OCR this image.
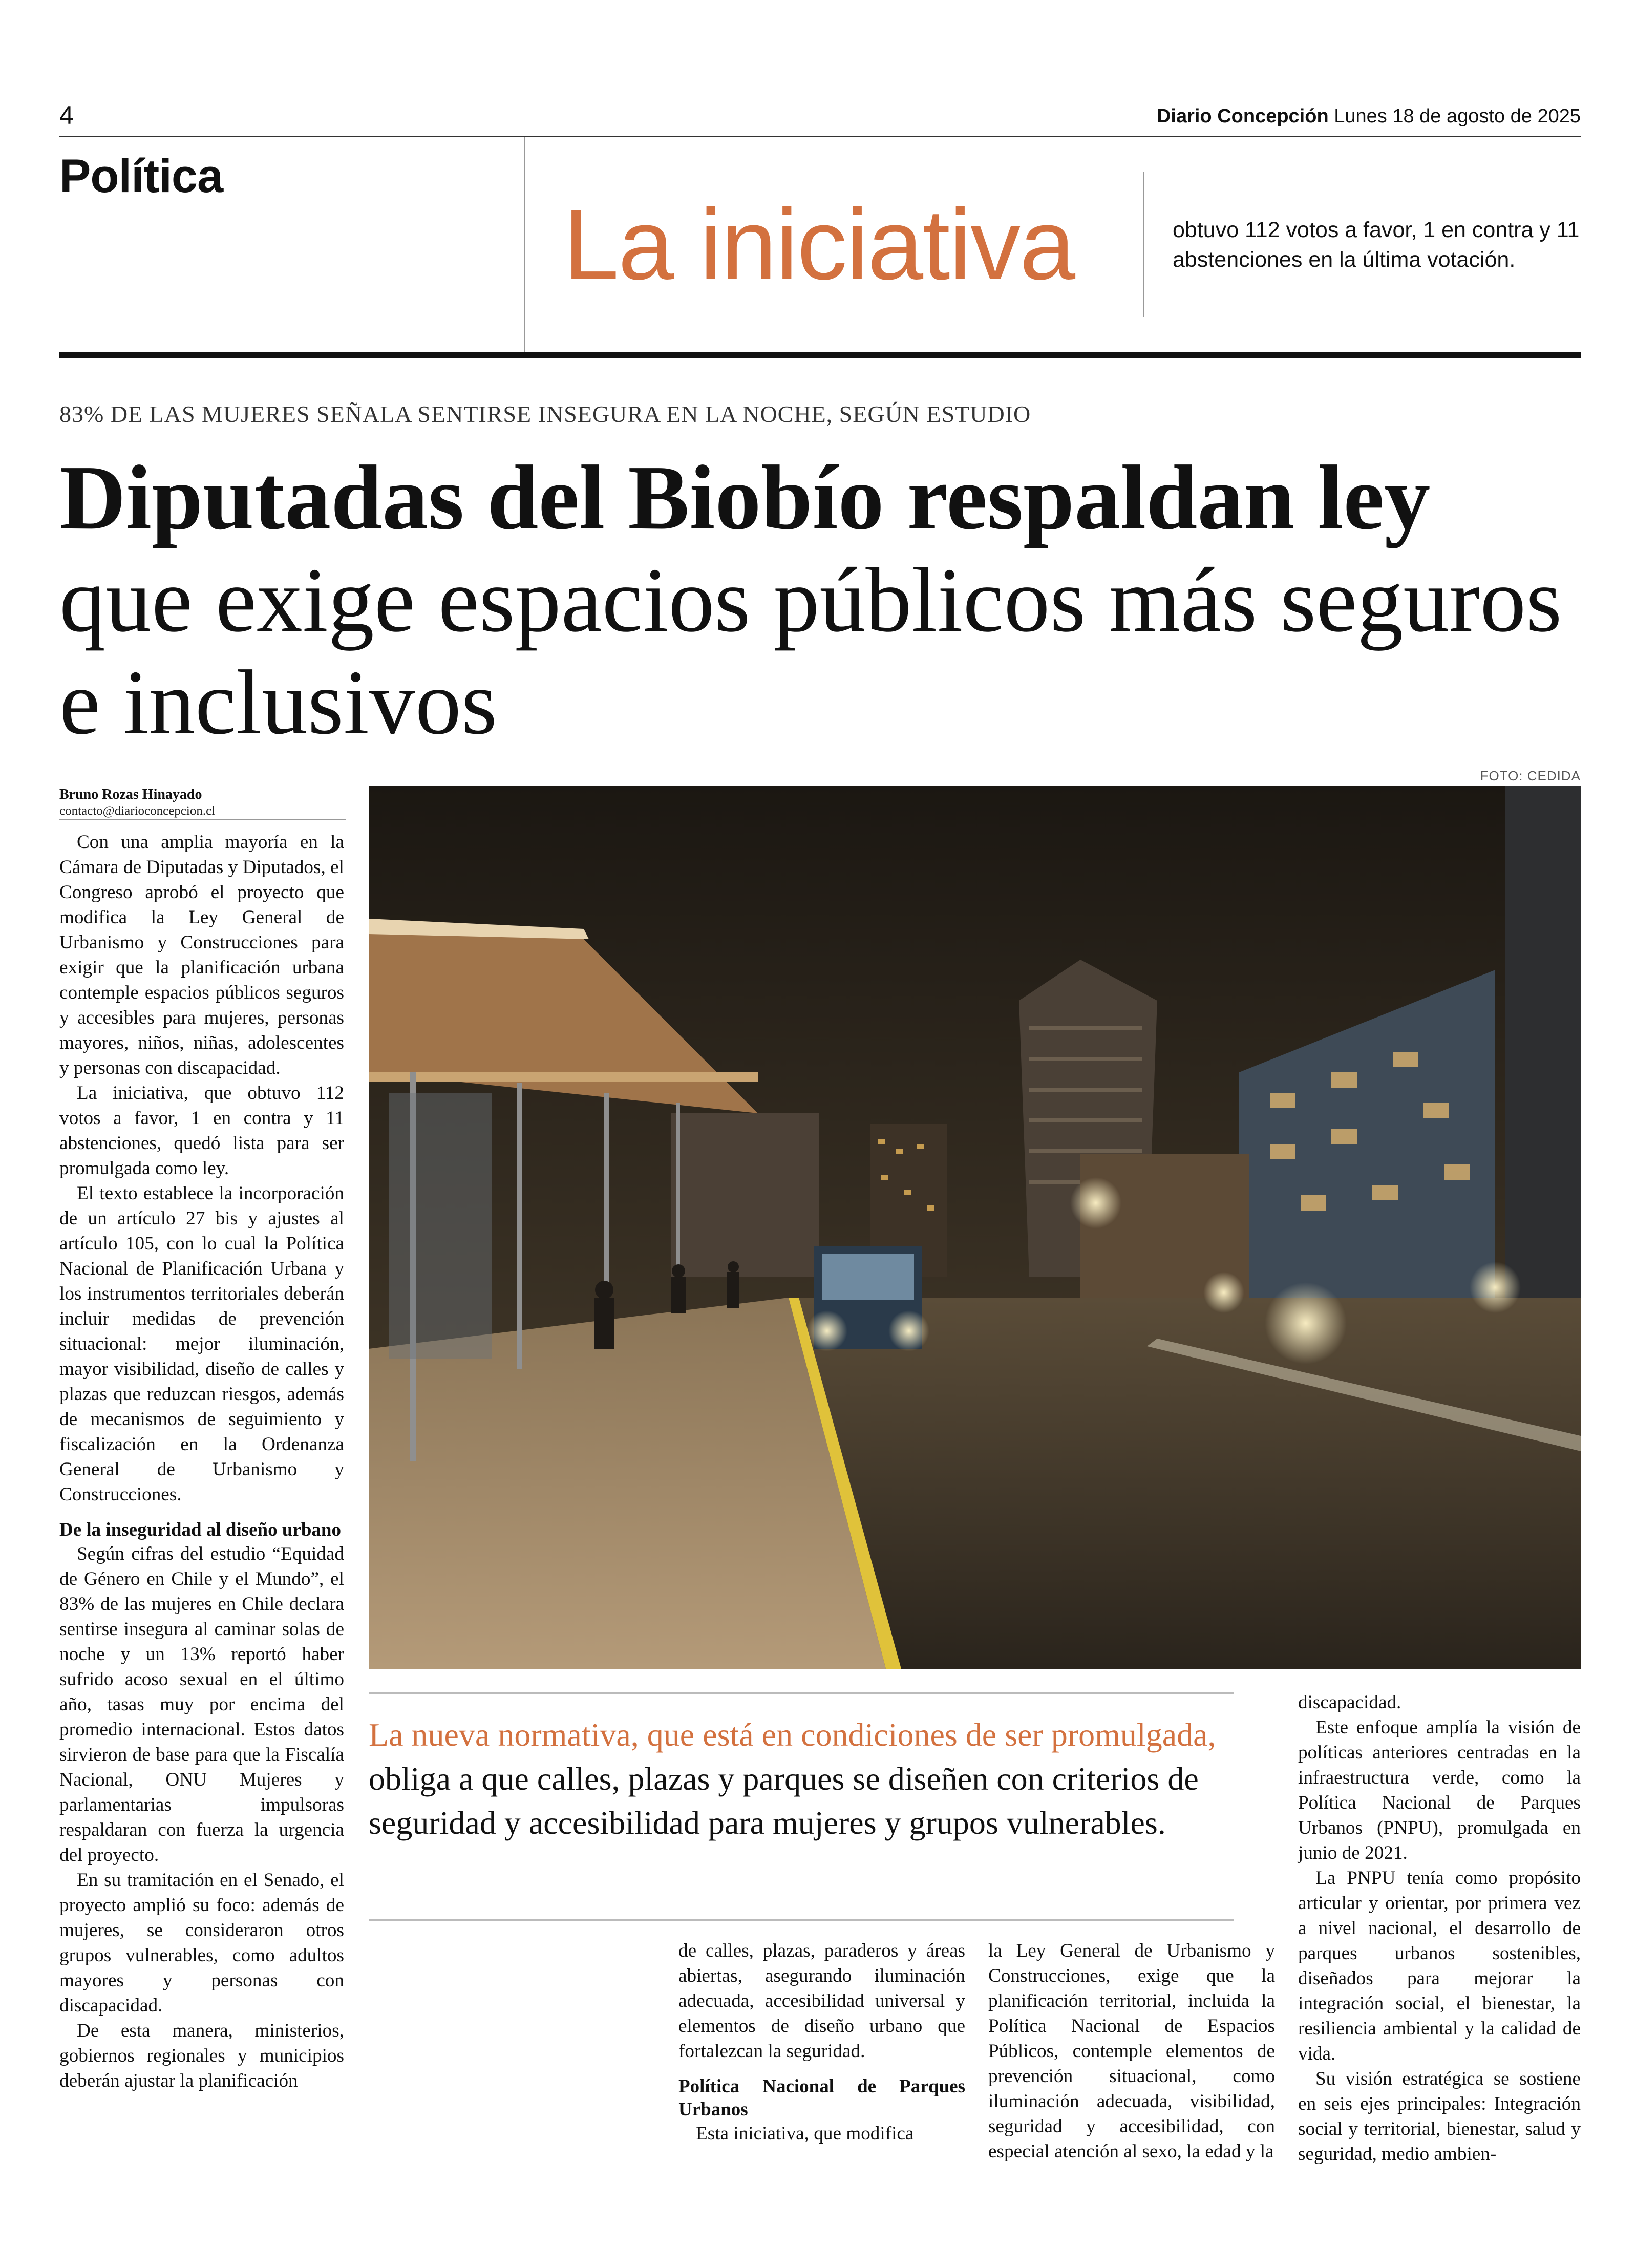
4	Diario Concepción Lunes 18 de agosto de 2025
Política
La iniciativa	obtuvo 112 votos a favor, 1 en contra y 11 abstenciones en la última votación.
83% DE LAS MUJERES SEÑALA SENTIRSE INSEGURA EN LA NOCHE, SEGÚN ESTUDIO
Diputadas del Biobío respaldan ley que exige espacios públicos más seguros e inclusivos
Bruno Rozas Hinayado
contacto@diarioconcepcion.cl
FOTO: CEDIDA

Con una amplia mayoría en la Cámara de Diputadas y Diputados, el Congreso aprobó el proyecto que modifica la Ley General de Urbanismo y Construcciones para exigir que la planificación urbana contemple espacios públicos seguros y accesibles para mujeres, personas mayores, niños, niñas, adolescentes y personas con discapacidad.

La iniciativa, que obtuvo 112 votos a favor, 1 en contra y 11 abstenciones, quedó lista para ser promulgada como ley.

El texto establece la incorporación de un artículo 27 bis y ajustes al artículo 105, con lo cual la Política Nacional de Planificación Urbana y los instrumentos territoriales deberán incluir medidas de prevención situacional: mejor iluminación, mayor visibilidad, diseño de calles y plazas que reduzcan riesgos, además de mecanismos de seguimiento y fiscalización en la Ordenanza General de Urbanismo y Construcciones.

De la inseguridad al diseño urbano

Según cifras del estudio “Equidad de Género en Chile y el Mundo”, el 83% de las mujeres en Chile declara sentirse insegura al caminar solas de noche y un 13% reportó haber sufrido acoso sexual en el último año, tasas muy por encima del promedio internacional. Estos datos sirvieron de base para que la Fiscalía Nacional, ONU Mujeres y parlamentarias impulsoras respaldaran con fuerza la urgencia del proyecto.

En su tramitación en el Senado, el proyecto amplió su foco: además de mujeres, se consideraron otros grupos vulnerables, como adultos mayores y personas con discapacidad.

De esta manera, ministerios, gobiernos regionales y municipios deberán ajustar la planificación

La nueva normativa, que está en condiciones de ser promulgada, obliga a que calles, plazas y parques se diseñen con criterios de seguridad y accesibilidad para mujeres y grupos vulnerables.

de calles, plazas, paraderos y áreas abiertas, asegurando iluminación adecuada, accesibilidad universal y elementos de diseño urbano que fortalezcan la seguridad.

Política Nacional de Parques Urbanos

Esta iniciativa, que modifica

la Ley General de Urbanismo y Construcciones, exige que la planificación territorial, incluida la Política Nacional de Espacios Públicos, contemple elementos de prevención situacional, como iluminación adecuada, visibilidad, seguridad y accesibilidad, con especial atención al sexo, la edad y la

discapacidad.

Este enfoque amplía la visión de políticas anteriores centradas en la infraestructura verde, como la Política Nacional de Parques Urbanos (PNPU), promulgada en junio de 2021.

La PNPU tenía como propósito articular y orientar, por primera vez a nivel nacional, el desarrollo de parques urbanos sostenibles, diseñados para mejorar la integración social, el bienestar, la resiliencia ambiental y la calidad de vida.

Su visión estratégica se sostiene en seis ejes principales: Integración social y territorial, bienestar, salud y seguridad, medio ambien-
